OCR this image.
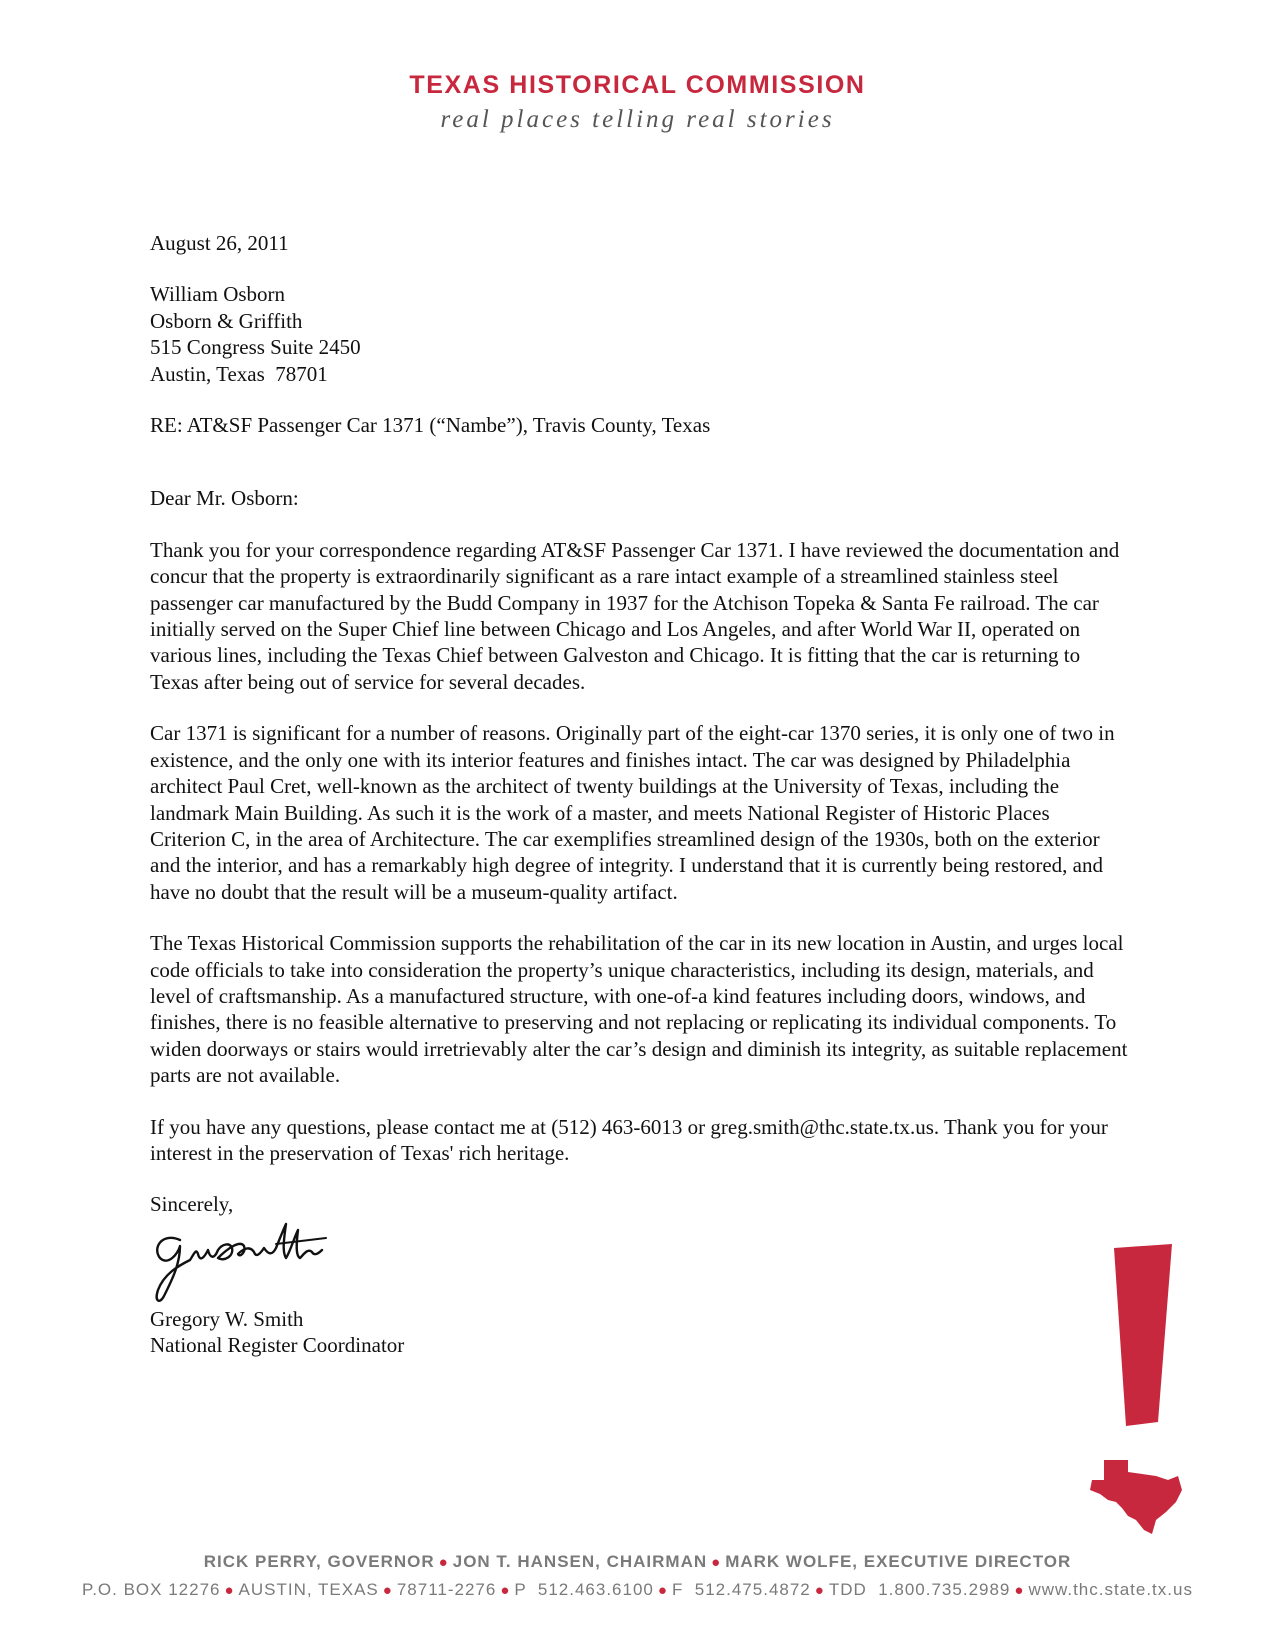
TEXAS HISTORICAL COMMISSION
real places telling real stories

August 26, 2011

William Osborn
Osborn & Griffith
515 Congress Suite 2450
Austin, Texas  78701

RE: AT&SF Passenger Car 1371 (“Nambe”), Travis County, Texas

Dear Mr. Osborn:

Thank you for your correspondence regarding AT&SF Passenger Car 1371. I have reviewed the documentation and concur that the property is extraordinarily significant as a rare intact example of a streamlined stainless steel passenger car manufactured by the Budd Company in 1937 for the Atchison Topeka & Santa Fe railroad. The car initially served on the Super Chief line between Chicago and Los Angeles, and after World War II, operated on various lines, including the Texas Chief between Galveston and Chicago. It is fitting that the car is returning to Texas after being out of service for several decades.

Car 1371 is significant for a number of reasons. Originally part of the eight-car 1370 series, it is only one of two in existence, and the only one with its interior features and finishes intact. The car was designed by Philadelphia architect Paul Cret, well-known as the architect of twenty buildings at the University of Texas, including the landmark Main Building. As such it is the work of a master, and meets National Register of Historic Places Criterion C, in the area of Architecture. The car exemplifies streamlined design of the 1930s, both on the exterior and the interior, and has a remarkably high degree of integrity. I understand that it is currently being restored, and have no doubt that the result will be a museum-quality artifact.

The Texas Historical Commission supports the rehabilitation of the car in its new location in Austin, and urges local code officials to take into consideration the property’s unique characteristics, including its design, materials, and level of craftsmanship. As a manufactured structure, with one-of-a kind features including doors, windows, and finishes, there is no feasible alternative to preserving and not replacing or replicating its individual components. To widen doorways or stairs would irretrievably alter the car’s design and diminish its integrity, as suitable replacement parts are not available.

If you have any questions, please contact me at (512) 463-6013 or greg.smith@thc.state.tx.us. Thank you for your interest in the preservation of Texas' rich heritage.

Sincerely,

Gregory W. Smith
National Register Coordinator
RICK PERRY, GOVERNOR ● JON T. HANSEN, CHAIRMAN ● MARK WOLFE, EXECUTIVE DIRECTOR
P.O. BOX 12276 ● AUSTIN, TEXAS ● 78711-2276 ● P  512.463.6100 ● F  512.475.4872 ● TDD  1.800.735.2989 ● www.thc.state.tx.us
